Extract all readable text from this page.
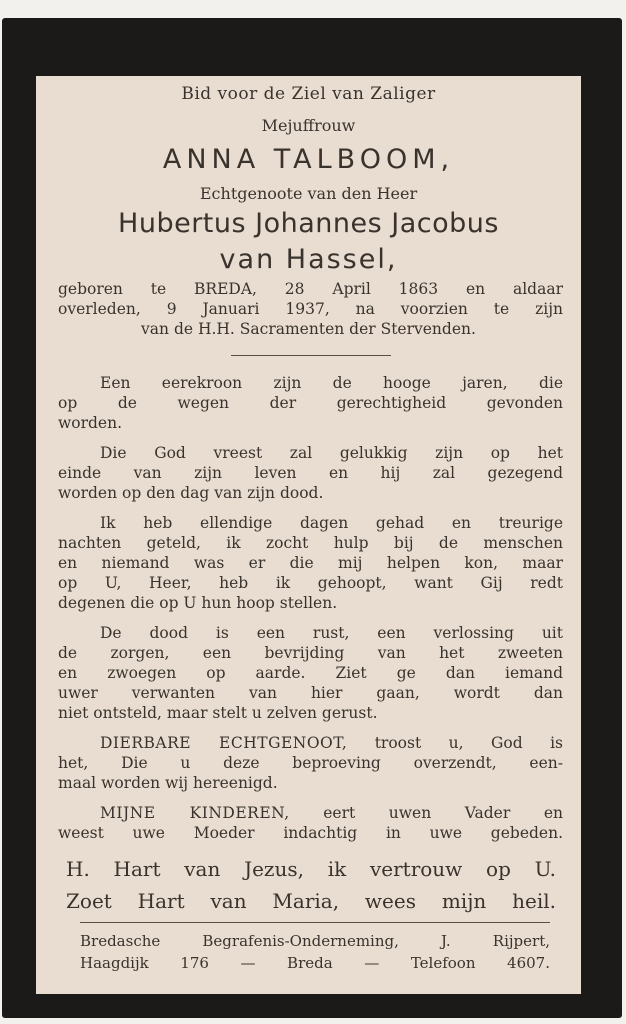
Bid voor de Ziel van Zaliger
Mejuffrouw
ANNA TALBOOM,
Echtgenoote van den Heer
Hubertus Johannes Jacobus
van Hassel,
geboren te BREDA, 28 April 1863 en aldaar
overleden, 9 Januari 1937, na voorzien te zijn
van de H.H. Sacramenten der Stervenden.
Een eerekroon zijn de hooge jaren, die
op de wegen der gerechtigheid gevonden
worden.
Die God vreest zal gelukkig zijn op het
einde van zijn leven en hij zal gezegend
worden op den dag van zijn dood.
Ik heb ellendige dagen gehad en treurige
nachten geteld, ik zocht hulp bij de menschen
en niemand was er die mij helpen kon, maar
op U, Heer, heb ik gehoopt, want Gij redt
degenen die op U hun hoop stellen.
De dood is een rust, een verlossing uit
de zorgen, een bevrijding van het zweeten
en zwoegen op aarde. Ziet ge dan iemand
uwer verwanten van hier gaan, wordt dan
niet ontsteld, maar stelt u zelven gerust.
DIERBARE ECHTGENOOT, troost u, God is
het, Die u deze beproeving overzendt, een-
maal worden wij hereenigd.
MIJNE KINDEREN, eert uwen Vader en
weest uwe Moeder indachtig in uwe gebeden.
H. Hart van Jezus, ik vertrouw op U.
Zoet Hart van Maria, wees mijn heil.
Bredasche Begrafenis-Onderneming, J. Rijpert,
Haagdijk 176 — Breda — Telefoon 4607.
